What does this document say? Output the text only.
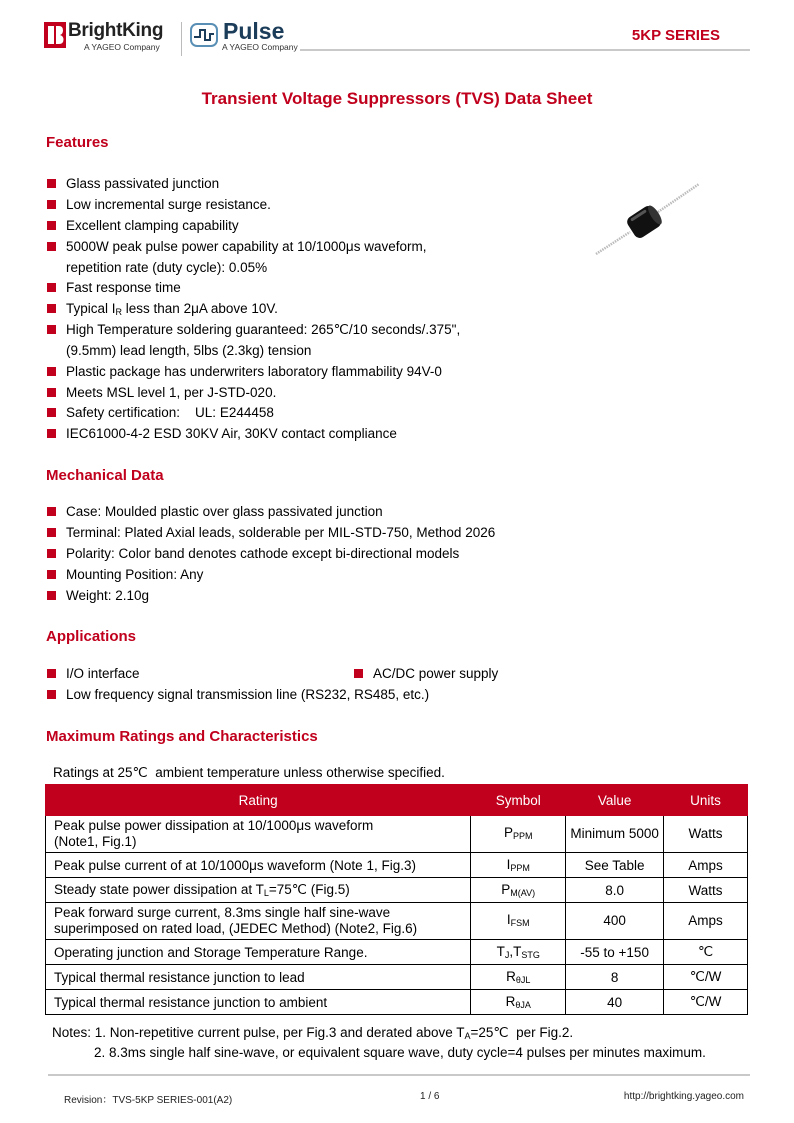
BrightKing
A YAGEO Company
Pulse
A YAGEO Company
5KP SERIES
Transient Voltage Suppressors (TVS) Data Sheet
Features
Glass passivated junction
Low incremental surge resistance.
Excellent clamping capability
5000W peak pulse power capability at 10/1000μs waveform,
repetition rate (duty cycle): 0.05%
Fast response time
Typical $I_R$ less than 2μA above 10V.
High Temperature soldering guaranteed: 265℃/10 seconds/.375",
(9.5mm) lead length, 5lbs (2.3kg) tension
Plastic package has underwriters laboratory flammability 94V-0
Meets MSL level 1, per J-STD-020.
Safety certification:    UL: E244458
IEC61000-4-2 ESD 30KV Air, 30KV contact compliance
Mechanical Data
Case: Moulded plastic over glass passivated junction
Terminal: Plated Axial leads, solderable per MIL-STD-750, Method 2026
Polarity: Color band denotes cathode except bi-directional models
Mounting Position: Any
Weight: 2.10g
Applications
I/O interface	AC/DC power supply
Low frequency signal transmission line (RS232, RS485, etc.)
Maximum Ratings and Characteristics
Ratings at 25℃  ambient temperature unless otherwise specified.
Rating	Symbol	Value	Units
Peak pulse power dissipation at 10/1000μs waveform
(Note1, Fig.1)	$P_{PPM}$	Minimum 5000	Watts
Peak pulse current of at 10/1000μs waveform (Note 1, Fig.3)	$I_{PPM}$	See Table	Amps
Steady state power dissipation at $T_L=75℃$ (Fig.5)	$P_{M(AV)}$	8.0	Watts
Peak forward surge current, 8.3ms single half sine-wave
superimposed on rated load, (JEDEC Method) (Note2, Fig.6)	$I_{FSM}$	400	Amps
Operating junction and Storage Temperature Range.	$T_J,T_{STG}$	-55 to +150	℃
Typical thermal resistance junction to lead	$R_{\theta JL}$	8	℃/W
Typical thermal resistance junction to ambient	$R_{\theta JA}$	40	℃/W
Notes: 1. Non-repetitive current pulse, per Fig.3 and derated above $T_A=25℃$  per Fig.2.
2. 8.3ms single half sine-wave, or equivalent square wave, duty cycle=4 pulses per minutes maximum.
Revision：TVS-5KP SERIES-001(A2)	1 / 6	http://brightking.yageo.com
